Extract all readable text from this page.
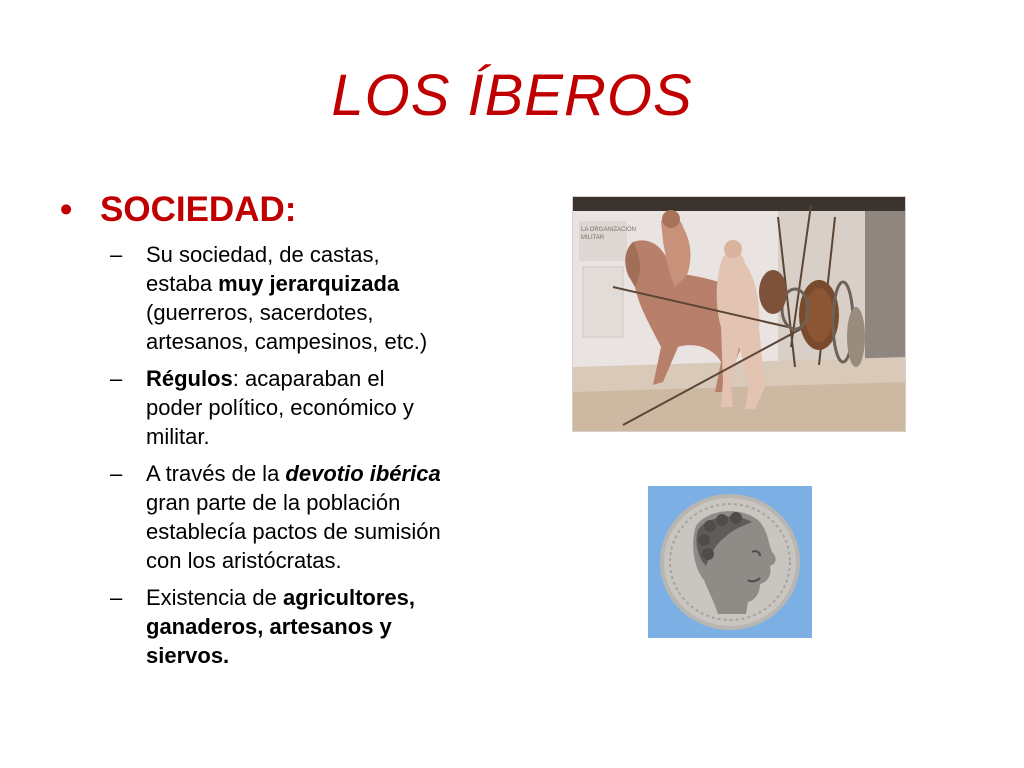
LOS ÍBEROS
• SOCIEDAD:
– Su sociedad, de castas,
estaba muy jerarquizada
(guerreros, sacerdotes,
artesanos, campesinos, etc.)
– Régulos: acaparaban el
poder político, económico y
militar.
– A través de la devotio ibérica
gran parte de la población
establecía pactos de sumisión
con los aristócratas.
– Existencia de agricultores,
ganaderos, artesanos y
siervos.
LA ORGANIZACIÓN
MILITAR
